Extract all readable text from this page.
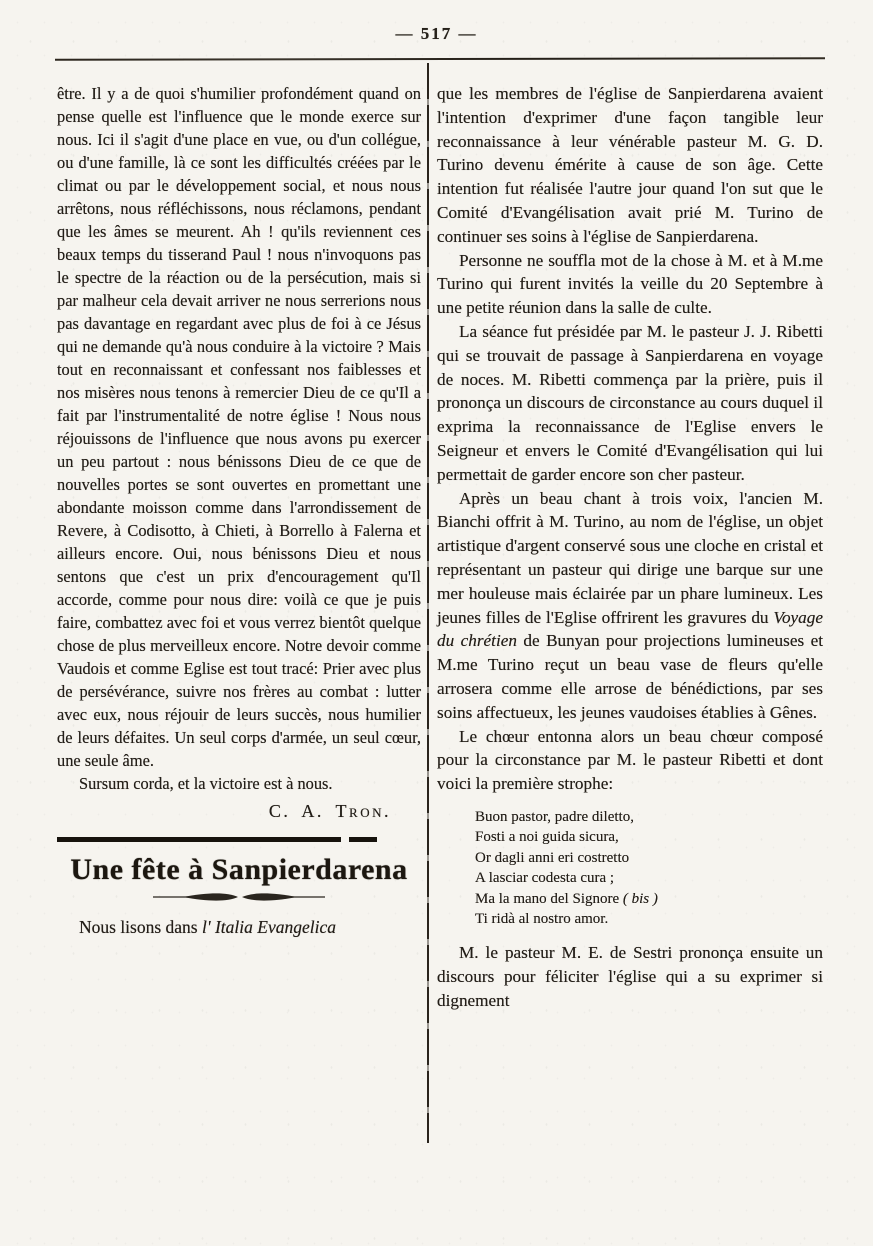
— 517 —

être. Il y a de quoi s'humilier profondément quand on pense quelle est l'influence que le monde exerce sur nous. Ici il s'agit d'une place en vue, ou d'un collégue, ou d'une famille, là ce sont les difficultés créées par le climat ou par le développement social, et nous nous arrêtons, nous réfléchissons, nous réclamons, pendant que les âmes se meurent. Ah ! qu'ils reviennent ces beaux temps du tisserand Paul ! nous n'invoquons pas le spectre de la réaction ou de la persécution, mais si par malheur cela devait arriver ne nous serrerions nous pas davantage en regardant avec plus de foi à ce Jésus qui ne demande qu'à nous conduire à la victoire ? Mais tout en reconnaissant et confessant nos faiblesses et nos misères nous tenons à remercier Dieu de ce qu'Il a fait par l'instrumentalité de notre église ! Nous nous réjouissons de l'influence que nous avons pu exercer un peu partout : nous bénissons Dieu de ce que de nouvelles portes se sont ouvertes en promettant une abondante moisson comme dans l'arrondissement de Revere, à Codisotto, à Chieti, à Borrello à Falerna et ailleurs encore. Oui, nous bénissons Dieu et nous sentons que c'est un prix d'encouragement qu'Il accorde, comme pour nous dire: voilà ce que je puis faire, combattez avec foi et vous verrez bientôt quelque chose de plus merveilleux encore. Notre devoir comme Vaudois et comme Eglise est tout tracé: Prier avec plus de persévérance, suivre nos frères au combat : lutter avec eux, nous réjouir de leurs succès, nous humilier de leurs défaites. Un seul corps d'armée, un seul cœur, une seule âme.

Sursum corda, et la victoire est à nous.

C. A. Tron.
Une fête à Sanpierdarena

Nous lisons dans l' Italia Evangelica

que les membres de l'église de Sanpierdarena avaient l'intention d'exprimer d'une façon tangible leur reconnaissance à leur vénérable pasteur M. G. D. Turino devenu émérite à cause de son âge. Cette intention fut réalisée l'autre jour quand l'on sut que le Comité d'Evangélisation avait prié M. Turino de continuer ses soins à l'église de Sanpierdarena.

Personne ne souffla mot de la chose à M. et à M.me Turino qui furent invités la veille du 20 Septembre à une petite réunion dans la salle de culte.

La séance fut présidée par M. le pasteur J. J. Ribetti qui se trouvait de passage à Sanpierdarena en voyage de noces. M. Ribetti commença par la prière, puis il prononça un discours de circonstance au cours duquel il exprima la reconnaissance de l'Eglise envers le Seigneur et envers le Comité d'Evangélisation qui lui permettait de garder encore son cher pasteur.

Après un beau chant à trois voix, l'ancien M. Bianchi offrit à M. Turino, au nom de l'église, un objet artistique d'argent conservé sous une cloche en cristal et représentant un pasteur qui dirige une barque sur une mer houleuse mais éclairée par un phare lumineux. Les jeunes filles de l'Eglise offrirent les gravures du Voyage du chrétien de Bunyan pour projections lumineuses et M.me Turino reçut un beau vase de fleurs qu'elle arrosera comme elle arrose de bénédictions, par ses soins affectueux, les jeunes vaudoises établies à Gênes.

Le chœur entonna alors un beau chœur composé pour la circonstance par M. le pasteur Ribetti et dont voici la première strophe:

Buon pastor, padre diletto,
Fosti a noi guida sicura,
Or dagli anni eri costretto
A lasciar codesta cura ;
Ma la mano del Signore ( bis )
Ti ridà al nostro amor.

M. le pasteur M. E. de Sestri prononça ensuite un discours pour féliciter l'église qui a su exprimer si dignement
